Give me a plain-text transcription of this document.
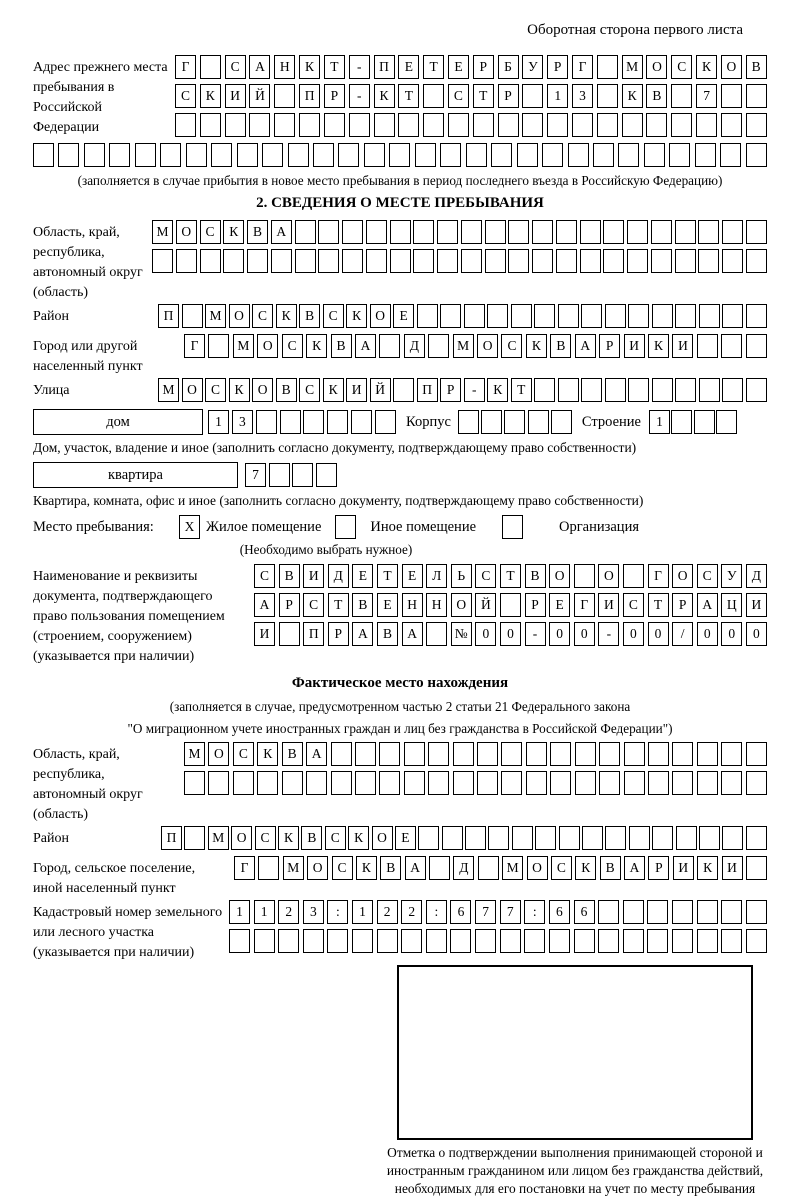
Оборотная сторона первого листа
Адрес прежнего места пребывания в Российской Федерации
Г	С	А	Н	К	Т	-	П	Е	Т	Е	Р	Б	У	Р	Г	М	О	С	К	О	В
С	К	И	Й	П	Р	-	К	Т	С	Т	Р	1	3	К	В	7
(заполняется в случае прибытия в новое место пребывания в период последнего въезда в Российскую Федерацию)
2. СВЕДЕНИЯ О МЕСТЕ ПРЕБЫВАНИЯ
Область, край, республика, автономный округ (область)
М О	С	К	В	А
Район	П	М О	С	К	В	С	К	О	Е
Город или другой населенный пункт
Г	М	О	С	К	В	А	Д	М	О	С	К	В	А	Р	И	К	И
Улица	М О	С	К	О	В	С	К	И	Й	П	Р	-	К	Т
дом	1	3	Корпус	Строение	1
Дом, участок, владение и иное (заполнить согласно документу, подтверждающему право собственности)
квартира	7
Квартира, комната, офис и иное (заполнить согласно документу, подтверждающему право собственности)
Место пребывания:	X Жилое помещение	Иное помещение	Организация
(Необходимо выбрать нужное)
Наименование и реквизиты документа, подтверждающего право пользования помещением (строением, сооружением) (указывается при наличии)
С	В	И	Д	Е	Т	Е	Л	Ь	С	Т	В	О	О	Г	О	С	У	Д
А	Р	С	Т	В	Е	Н	Н	О	Й	Р	Е	Г	И	С	Т	Р	А	Ц	И
И	П	Р	А	В	А	№	0	0	-	0	0	-	0	0	/	0	0	0
Фактическое место нахождения
(заполняется в случае, предусмотренном частью 2 статьи 21 Федерального закона
"О миграционном учете иностранных граждан и лиц без гражданства в Российской Федерации")
Область, край, республика, автономный округ (область)
М	О	С	К	В	А
Район	П	М О	С	К	В	С	К	О	Е
Город, сельское поселение, иной населенный пункт
Г	М	О	С	К	В	А	Д	М	О	С	К	В	А	Р	И	К	И
Кадастровый номер земельного или лесного участка (указывается при наличии)
1	1	2	3	:	1	2	2	:	6	7	7	:	6	6
Отметка о подтверждении выполнения принимающей стороной и иностранным гражданином или лицом без гражданства действий, необходимых для его постановки на учет по месту пребывания
